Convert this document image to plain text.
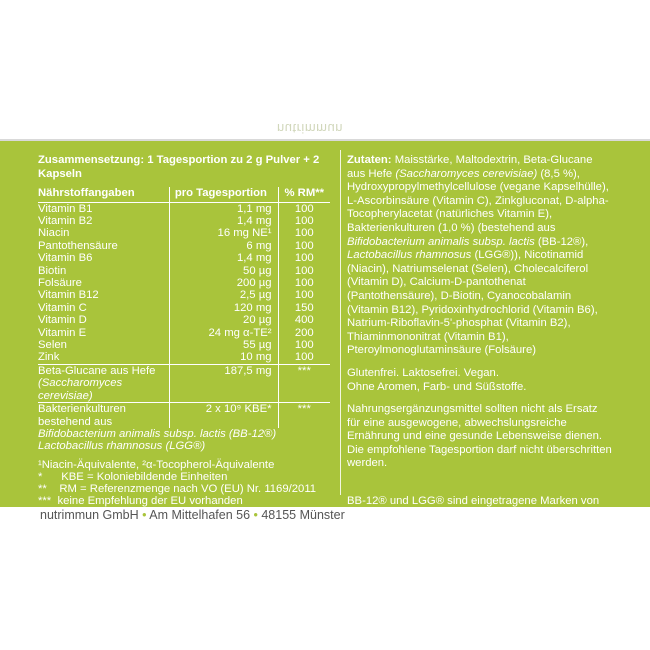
nutrimmun
Zusammensetzung: 1 Tagesportion zu 2 g Pulver + 2 Kapseln
Nährstoffangaben	pro Tagesportion	% RM**
Vitamin B1	1,1 mg	100
Vitamin B2	1,4 mg	100
Niacin	16 mg NE¹	100
Pantothensäure	6 mg	100
Vitamin B6	1,4 mg	100
Biotin	50 µg	100
Folsäure	200 µg	100
Vitamin B12	2,5 µg	100
Vitamin C	120 mg	150
Vitamin D	20 µg	400
Vitamin E	24 mg α-TE²	200
Selen	55 µg	100
Zink	10 mg	100
Beta-Glucane aus Hefe (Saccharomyces cerevisiae)	187,5 mg	***
Bakterienkulturen bestehend aus	2 x 10⁹ KBE*	***

Bifidobacterium animalis subsp. lactis (BB-12®)
Lactobacillus rhamnosus (LGG®)		
¹Niacin-Äquivalente, ²α-Tocopherol-Äquivalente
*      KBE = Koloniebildende Einheiten
**    RM = Referenzmenge nach VO (EU) Nr. 1169/2011
***  keine Empfehlung der EU vorhanden
Zutaten: Maisstärke, Maltodextrin, Beta-Glucane aus Hefe (Saccharomyces cerevisiae) (8,5 %), Hydroxypropylmethylcellulose (vegane Kapselhülle), L-Ascorbinsäure (Vitamin C), Zinkgluconat, D-alpha-Tocopherylacetat (natürliches Vitamin E), Bakterienkulturen (1,0 %) (bestehend aus Bifidobacterium animalis subsp. lactis (BB-12®), Lactobacillus rhamnosus (LGG®)), Nicotinamid (Niacin), Natriumselenat (Selen), Cholecalciferol (Vitamin D), Calcium-D-pantothenat (Pantothensäure), D-Biotin, Cyanocobalamin (Vitamin B12), Pyridoxinhydrochlorid (Vitamin B6), Natrium-Riboflavin-5'-phosphat (Vitamin B2), Thiaminmononitrat (Vitamin B1), Pteroylmonoglutaminsäure (Folsäure)
Glutenfrei. Laktosefrei. Vegan.
Ohne Aromen, Farb- und Süßstoffe.
Nahrungsergänzungsmittel sollten nicht als Ersatz für eine ausgewogene, abwechslungsreiche Ernährung und eine gesunde Lebensweise dienen. Die empfohlene Tagesportion darf nicht überschritten werden.
BB-12® und LGG® sind eingetragene Marken von
nutrimmun GmbH • Am Mittelhafen 56 • 48155 Münster
